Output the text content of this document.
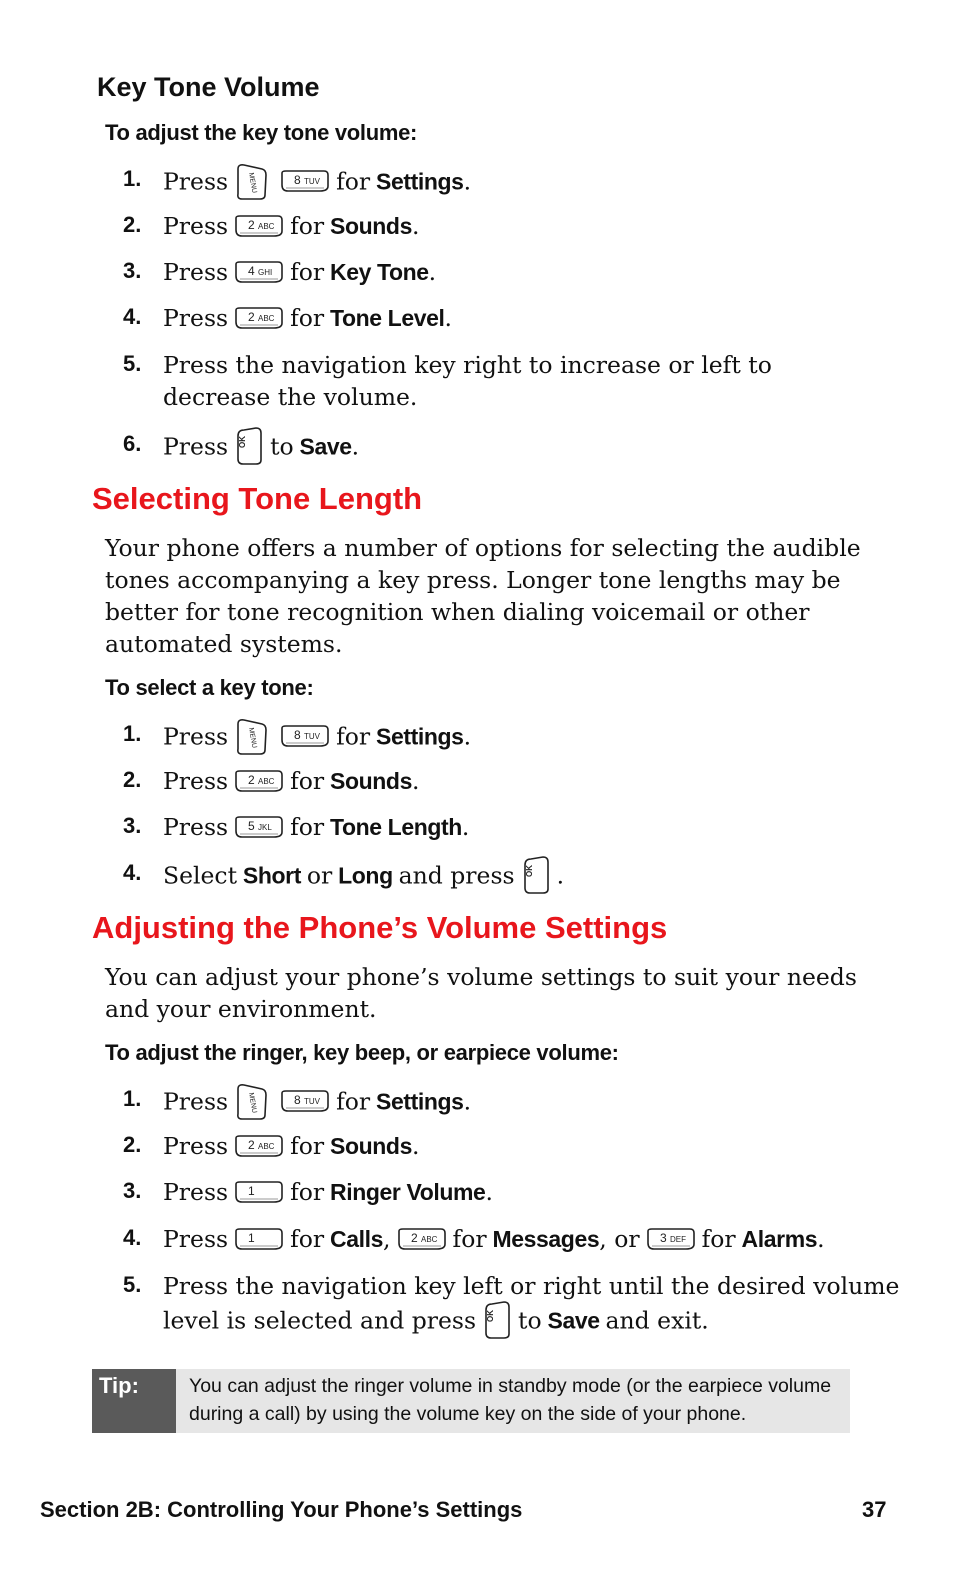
Key Tone Volume
To adjust the key tone volume:
1. Press	MENU	8 TUV for Settings.
2. Press 2 ABC for Sounds.
3. Press 4 GHI for Key Tone.
4. Press 2 ABC for Tone Level.
5. Press the navigation key right to increase or left to decrease the volume.
6. Press OK to Save.
Selecting Tone Length
Your phone offers a number of options for selecting the audible tones accompanying a key press. Longer tone lengths may be better for tone recognition when dialing voicemail or other automated systems.
To select a key tone:
1. Press	MENU	8 TUV for Settings.
2. Press 2 ABC for Sounds.
3. Press 5 JKL for Tone Length.
4. Select Short or Long and press OK .
Adjusting the Phone’s Volume Settings
You can adjust your phone’s volume settings to suit your needs and your environment.
To adjust the ringer, key beep, or earpiece volume:
1. Press	MENU	8 TUV for Settings.
2. Press 2 ABC for Sounds.
3. Press 1 for Ringer Volume.
4. Press 1 for Calls, 2 ABC for Messages, or 3 DEF for Alarms.
5. Press the navigation key left or right until the desired volume
level is selected and press OK to Save and exit.
Tip:	You can adjust the ringer volume in standby mode (or the earpiece volume during a call) by using the volume key on the side of your phone.
Section 2B: Controlling Your Phone’s Settings	37
